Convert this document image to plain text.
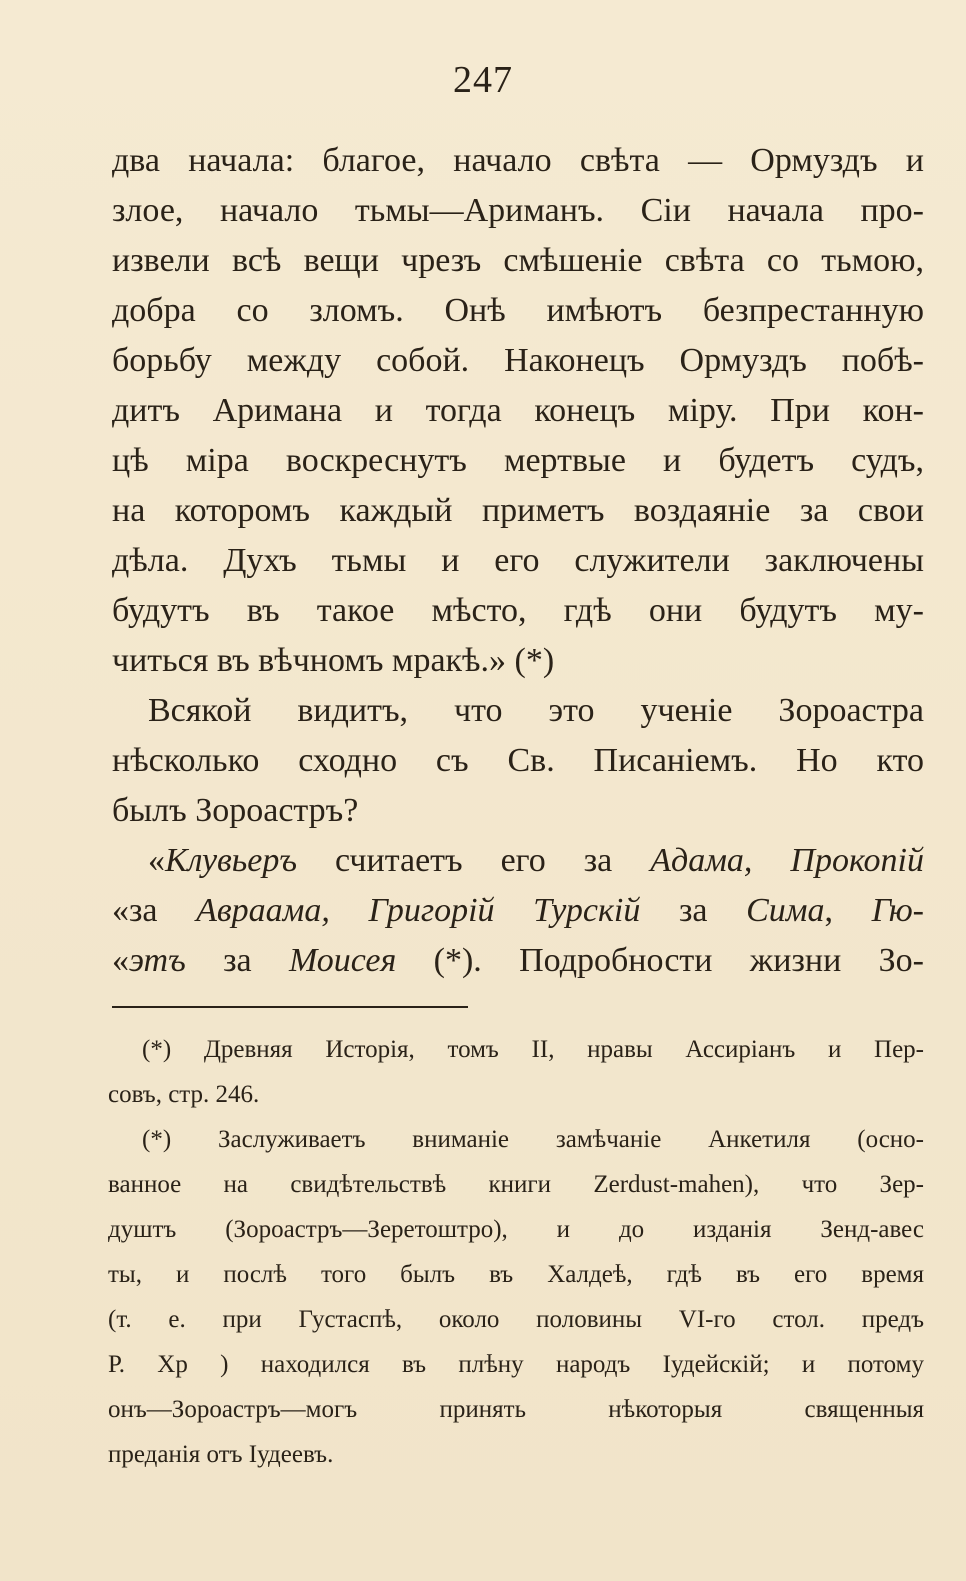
247
два начала: благое, начало свѣта — Ормуздъ и
злое, начало тьмы—Ариманъ. Сіи начала про-
извели всѣ вещи чрезъ смѣшеніе свѣта со тьмою,
добра со зломъ. Онѣ имѣютъ безпрестанную
борьбу между собой. Наконецъ Ормуздъ побѣ-
дитъ Аримана и тогда конецъ міру. При кон-
цѣ міра воскреснутъ мертвые и будетъ судъ,
на которомъ каждый приметъ воздаяніе за свои
дѣла. Духъ тьмы и его служители заключены
будутъ въ такое мѣсто, гдѣ они будутъ му-
читься въ вѣчномъ мракѣ.» (*)
Всякой видитъ, что это ученіе Зороастра
нѣсколько сходно съ Св. Писаніемъ. Но кто
былъ Зороастръ?
«Клувьеръ считаетъ его за Адама, Прокопій
«за Авраама, Григорій Турскій за Сима, Гю-
«этъ за Моисея (*). Подробности жизни Зо-
(*) Древняя Исторія, томъ II, нравы Ассиріанъ и Пер-
совъ, стр. 246.
(*) Заслуживаетъ вниманіе замѣчаніе Анкетиля (осно-
ванное на свидѣтельствѣ книги Zerdust-mahen), что Зер-
душтъ (Зороастръ—Зеретоштро), и до изданія Зенд-авес
ты, и послѣ того былъ въ Халдеѣ, гдѣ въ его время
(т. е. при Густаспѣ, около половины VI-го стол. предъ
Р. Хр ) находился въ плѣну народъ Іудейскій; и потому
онъ—Зороастръ—могъ принять нѣкоторыя священныя
преданія отъ Іудеевъ.
